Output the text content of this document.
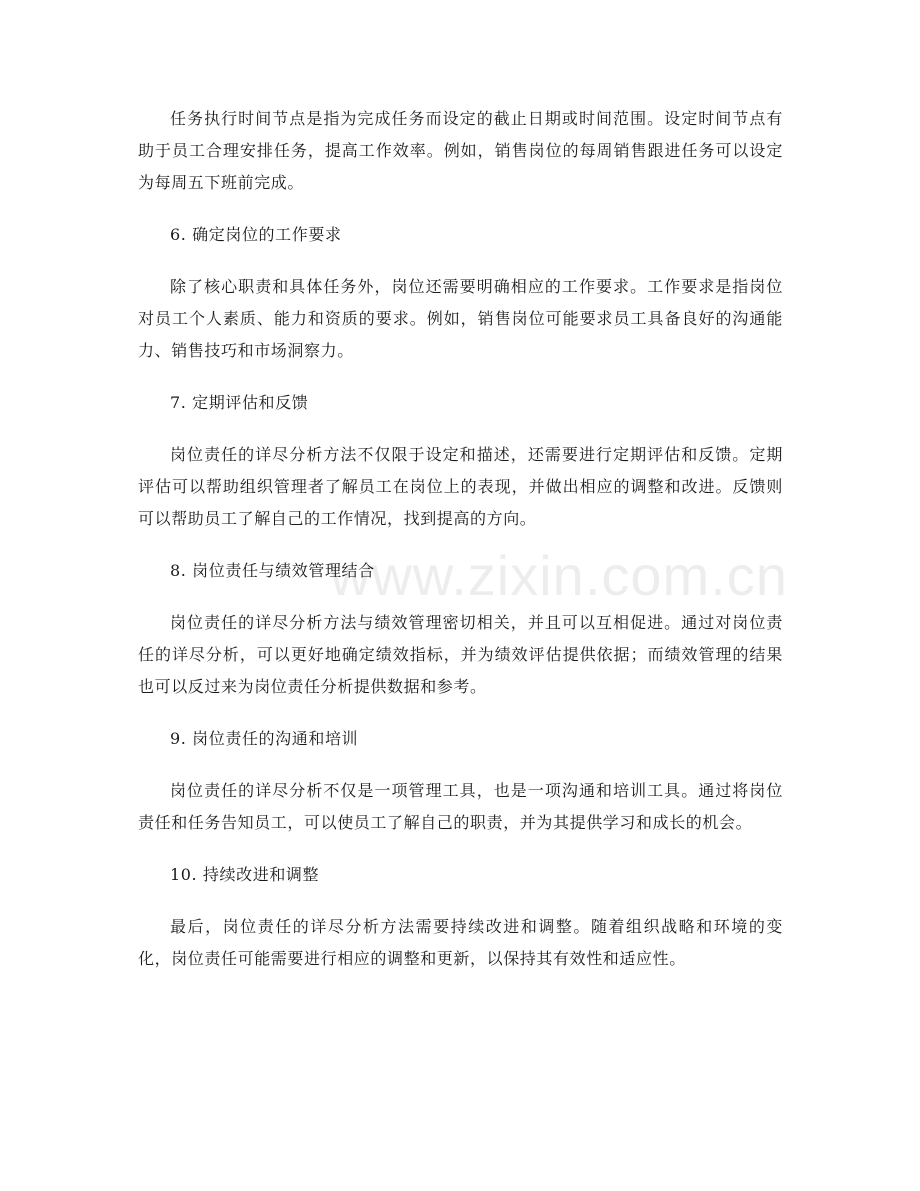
www.zixin.com.cn

任务执行时间节点是指为完成任务而设定的截止日期或时间范围。设定时间节点有助于员工合理安排任务，提高工作效率。例如，销售岗位的每周销售跟进任务可以设定为每周五下班前完成。

6. 确定岗位的工作要求

除了核心职责和具体任务外，岗位还需要明确相应的工作要求。工作要求是指岗位对员工个人素质、能力和资质的要求。例如，销售岗位可能要求员工具备良好的沟通能力、销售技巧和市场洞察力。

7. 定期评估和反馈

岗位责任的详尽分析方法不仅限于设定和描述，还需要进行定期评估和反馈。定期评估可以帮助组织管理者了解员工在岗位上的表现，并做出相应的调整和改进。反馈则可以帮助员工了解自己的工作情况，找到提高的方向。

8. 岗位责任与绩效管理结合

岗位责任的详尽分析方法与绩效管理密切相关，并且可以互相促进。通过对岗位责任的详尽分析，可以更好地确定绩效指标，并为绩效评估提供依据；而绩效管理的结果也可以反过来为岗位责任分析提供数据和参考。

9. 岗位责任的沟通和培训

岗位责任的详尽分析不仅是一项管理工具，也是一项沟通和培训工具。通过将岗位责任和任务告知员工，可以使员工了解自己的职责，并为其提供学习和成长的机会。

10. 持续改进和调整

最后，岗位责任的详尽分析方法需要持续改进和调整。随着组织战略和环境的变化，岗位责任可能需要进行相应的调整和更新，以保持其有效性和适应性。
